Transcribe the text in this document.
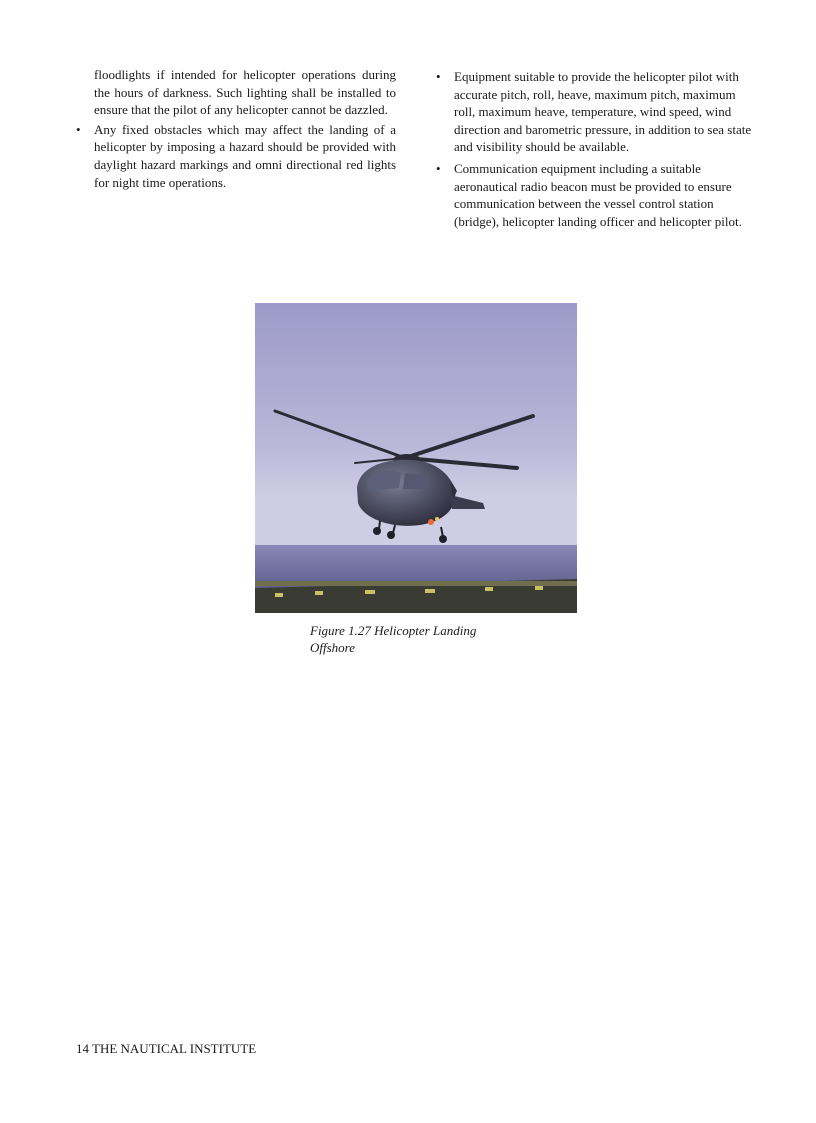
floodlights if intended for helicopter operations during the hours of darkness. Such lighting shall be installed to ensure that the pilot of any helicopter cannot be dazzled.
•	Any fixed obstacles which may affect the landing of a helicopter by imposing a hazard should be provided with daylight hazard markings and omni directional red lights for night time operations.
•	Equipment suitable to provide the helicopter pilot with accurate pitch, roll, heave, maximum pitch, maximum roll, maximum heave, temperature, wind speed, wind direction and barometric pressure, in addition to sea state and visibility should be available.
•	Communication equipment including a suitable aeronautical radio beacon must be provided to ensure communication between the vessel control station (bridge), helicopter landing officer and helicopter pilot.
Figure 1.27 Helicopter Landing Offshore
14 THE NAUTICAL INSTITUTE
